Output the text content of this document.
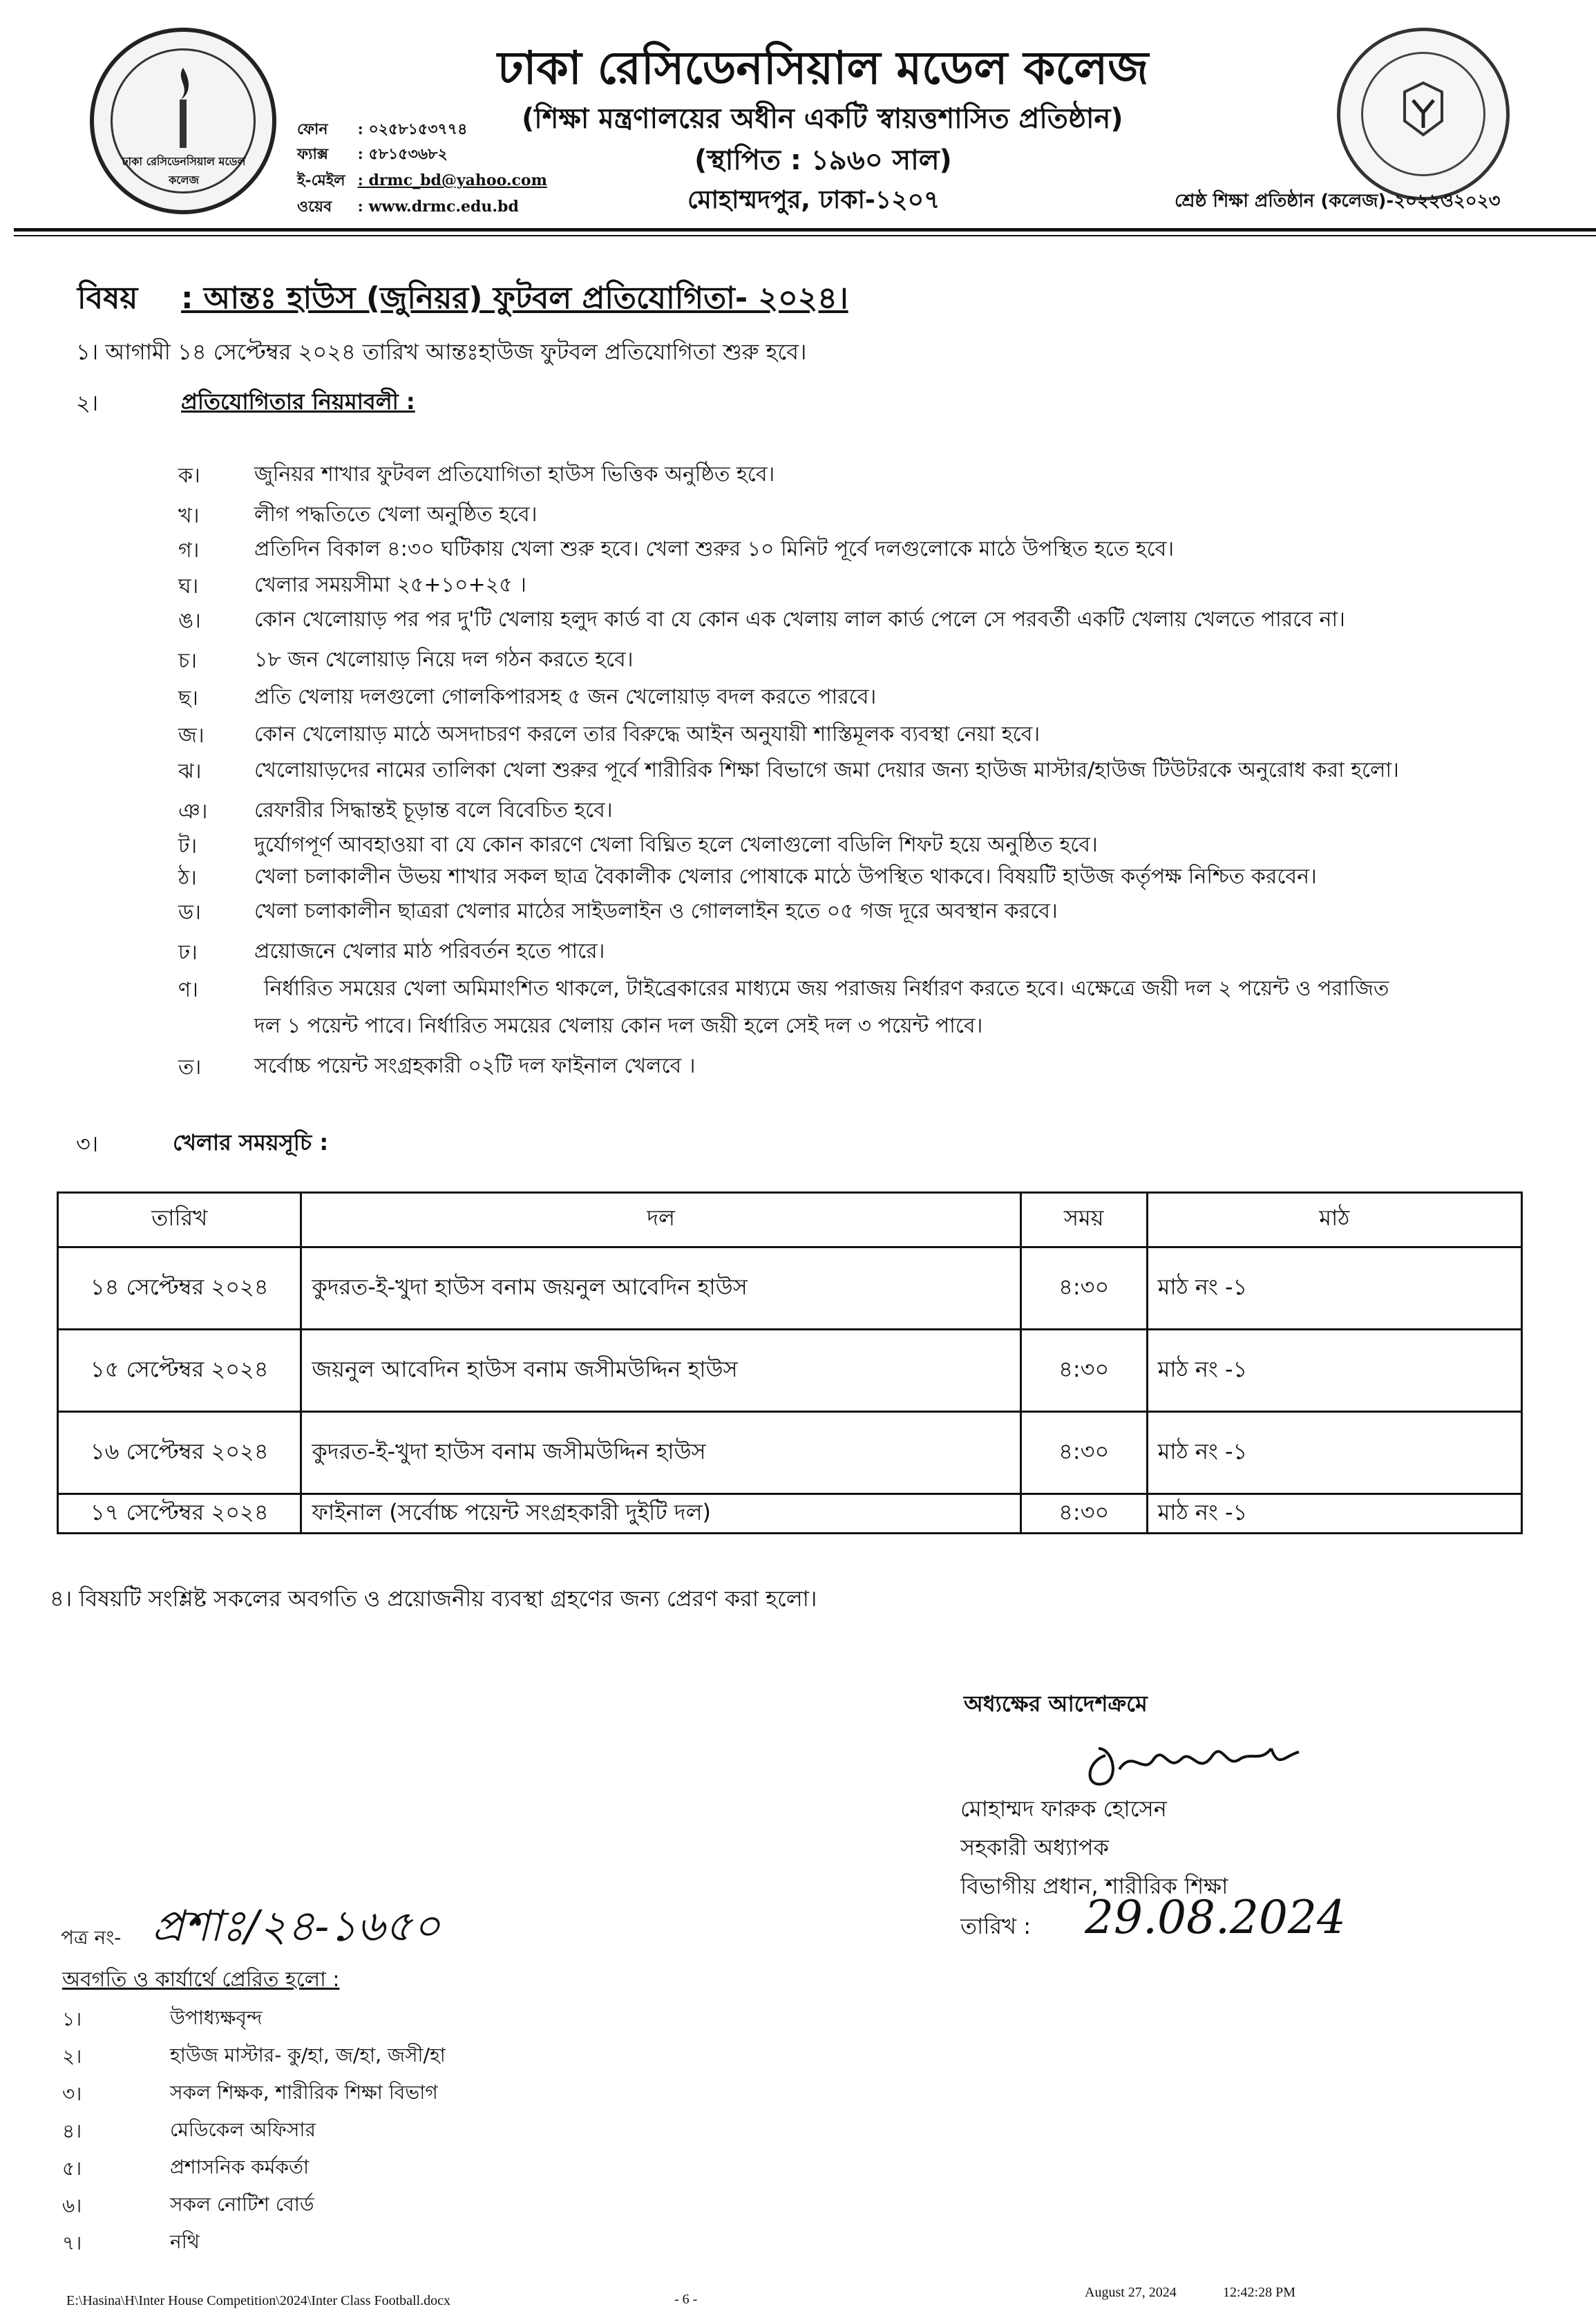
ঢাকা রেসিডেনসিয়াল মডেল কলেজ
ঢাকা রেসিডেনসিয়াল মডেল কলেজ
(শিক্ষা মন্ত্রণালয়ের অধীন একটি স্বায়ত্তশাসিত প্রতিষ্ঠান)
(স্থাপিত : ১৯৬০ সাল)
মোহাম্মদপুর, ঢাকা-১২০৭
ফোন : ০২৫৮১৫৩৭৭৪
ফ্যাক্স : ৫৮১৫৩৬৮২
ই-মেইল : drmc_bd@yahoo.com
ওয়েব : www.drmc.edu.bd	শ্রেষ্ঠ শিক্ষা প্রতিষ্ঠান (কলেজ)-২০২২ও২০২৩
বিষয় : আন্তঃ হাউস (জুনিয়র) ফুটবল প্রতিযোগিতা- ২০২৪।
১। আগামী ১৪ সেপ্টেম্বর ২০২৪ তারিখ আন্তঃহাউজ ফুটবল প্রতিযোগিতা শুরু হবে।
২।	প্রতিযোগিতার নিয়মাবলী :
ক।	জুনিয়র শাখার ফুটবল প্রতিযোগিতা হাউস ভিত্তিক অনুষ্ঠিত হবে।
খ।	লীগ পদ্ধতিতে খেলা অনুষ্ঠিত হবে।
গ।	প্রতিদিন বিকাল ৪:৩০ ঘটিকায় খেলা শুরু হবে। খেলা শুরুর ১০ মিনিট পূর্বে দলগুলোকে মাঠে উপস্থিত হতে হবে।
ঘ।	খেলার সময়সীমা ২৫+১০+২৫ ।
ঙ।	কোন খেলোয়াড় পর পর দু'টি খেলায় হলুদ কার্ড বা যে কোন এক খেলায় লাল কার্ড পেলে সে পরবর্তী একটি খেলায় খেলতে পারবে না।
চ।	১৮ জন খেলোয়াড় নিয়ে দল গঠন করতে হবে।
ছ।	প্রতি খেলায় দলগুলো গোলকিপারসহ ৫ জন খেলোয়াড় বদল করতে পারবে।
জ। কোন খেলোয়াড় মাঠে অসদাচরণ করলে তার বিরুদ্ধে আইন অনুযায়ী শাস্তিমূলক ব্যবস্থা নেয়া হবে।
ঝ।	খেলোয়াড়দের নামের তালিকা খেলা শুরুর পূর্বে শারীরিক শিক্ষা বিভাগে জমা দেয়ার জন্য হাউজ মাস্টার/হাউজ টিউটরকে অনুরোধ করা হলো।
ঞ। রেফারীর সিদ্ধান্তই চূড়ান্ত বলে বিবেচিত হবে।
ট।	দুর্যোগপূর্ণ আবহাওয়া বা যে কোন কারণে খেলা বিঘ্নিত হলে খেলাগুলো বডিলি শিফট হয়ে অনুষ্ঠিত হবে।
ঠ।	খেলা চলাকালীন উভয় শাখার সকল ছাত্র বৈকালীক খেলার পোষাকে মাঠে উপস্থিত থাকবে। বিষয়টি হাউজ কর্তৃপক্ষ নিশ্চিত করবেন।
ড।	খেলা চলাকালীন ছাত্ররা খেলার মাঠের সাইডলাইন ও গোললাইন হতে ০৫ গজ দূরে অবস্থান করবে।
ঢ।	প্রয়োজনে খেলার মাঠ পরিবর্তন হতে পারে।
ণ।	নির্ধারিত সময়ের খেলা অমিমাংশিত থাকলে, টাইব্রেকারের মাধ্যমে জয় পরাজয় নির্ধারণ করতে হবে। এক্ষেত্রে জয়ী দল ২ পয়েন্ট ও পরাজিত
দল ১ পয়েন্ট পাবে। নির্ধারিত সময়ের খেলায় কোন দল জয়ী হলে সেই দল ৩ পয়েন্ট পাবে।
ত।	সর্বোচ্চ পয়েন্ট সংগ্রহকারী ০২টি দল ফাইনাল খেলবে ।
৩।	খেলার সময়সূচি :
তারিখ	দল	সময়	মাঠ
১৪ সেপ্টেম্বর ২০২৪	কুদরত-ই-খুদা হাউস বনাম জয়নুল আবেদিন হাউস	৪:৩০	মাঠ নং -১
১৫ সেপ্টেম্বর ২০২৪	জয়নুল আবেদিন হাউস বনাম জসীমউদ্দিন হাউস	৪:৩০	মাঠ নং -১
১৬ সেপ্টেম্বর ২০২৪	কুদরত-ই-খুদা হাউস বনাম জসীমউদ্দিন হাউস	৪:৩০	মাঠ নং -১
১৭ সেপ্টেম্বর ২০২৪	ফাইনাল (সর্বোচ্চ পয়েন্ট সংগ্রহকারী দুইটি দল)	৪:৩০	মাঠ নং -১
৪। বিষয়টি সংশ্লিষ্ট সকলের অবগতি ও প্রয়োজনীয় ব্যবস্থা গ্রহণের জন্য প্রেরণ করা হলো।
অধ্যক্ষের আদেশক্রমে
মোহাম্মদ ফারুক হোসেন
সহকারী অধ্যাপক
বিভাগীয় প্রধান, শারীরিক শিক্ষা
তারিখ : 29.08.2024
পত্র নং- প্রশাঃ/২৪-১৬৫০
অবগতি ও কার্যার্থে প্রেরিত হলো :
১।	উপাধ্যক্ষবৃন্দ
২।	হাউজ মাস্টার- কু/হা, জ/হা, জসী/হা
৩।	সকল শিক্ষক, শারীরিক শিক্ষা বিভাগ
৪।	মেডিকেল অফিসার
৫।	প্রশাসনিক কর্মকর্তা
৬।	সকল নোটিশ বোর্ড
৭।	নথি
E:\Hasina\H\Inter House Competition\2024\Inter Class Football.docx	- 6 -	August 27, 2024	12:42:28 PM
